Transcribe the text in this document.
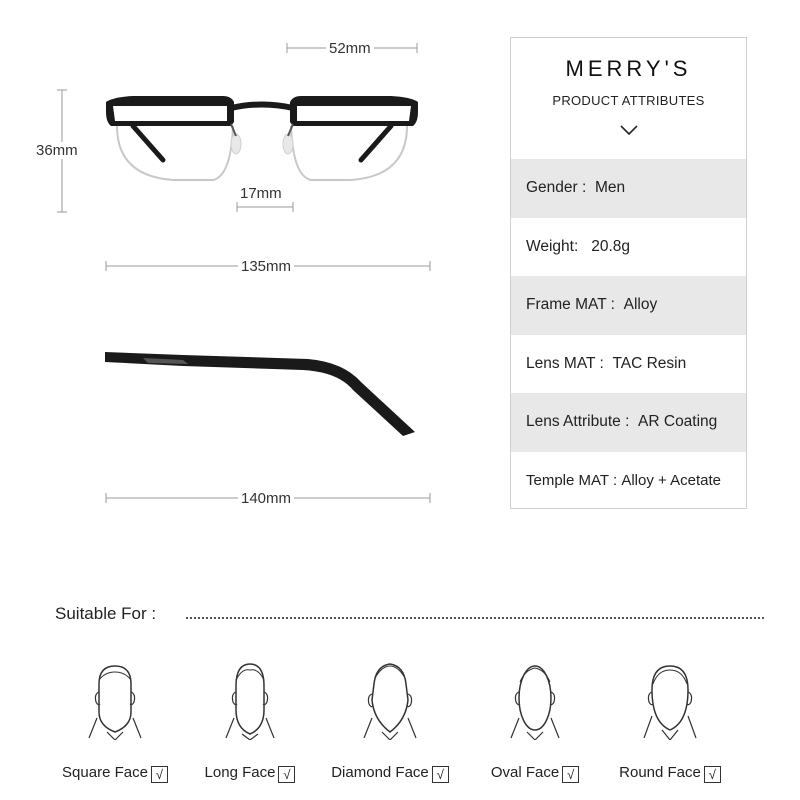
52mm
36mm
17mm
135mm
140mm
MERRY'S
PRODUCT ATTRIBUTES
Gender :
Men
Weight:
20.8g
Frame MAT :
Alloy
Lens MAT :
TAC Resin
Lens Attribute :
AR Coating
Temple MAT :
Alloy + Acetate
Suitable For :
Square Face √	Long Face √	Diamond Face √	Oval Face √	Round Face √
